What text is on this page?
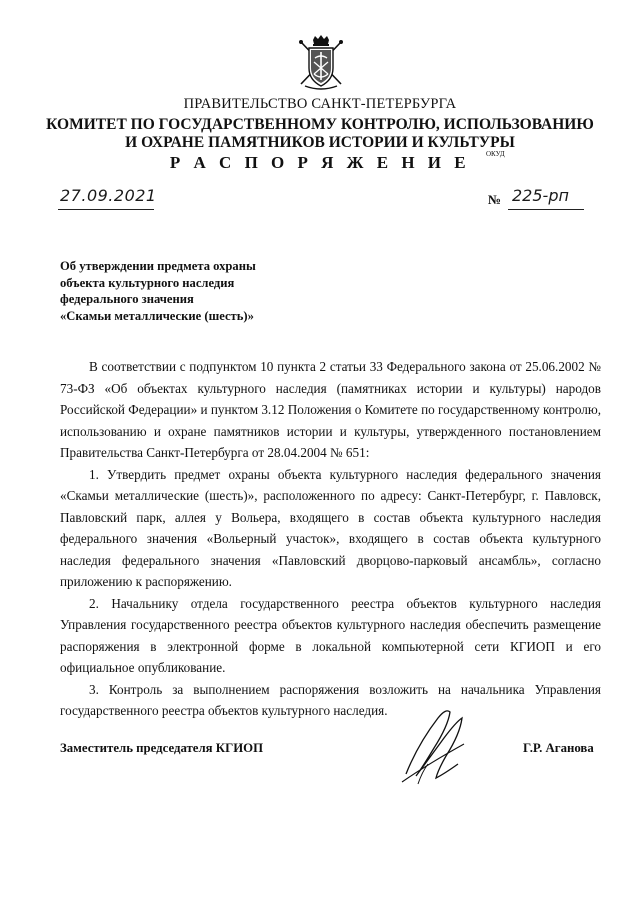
ПРАВИТЕЛЬСТВО САНКТ-ПЕТЕРБУРГА
КОМИТЕТ ПО ГОСУДАРСТВЕННОМУ КОНТРОЛЮ, ИСПОЛЬЗОВАНИЮ
И ОХРАНЕ ПАМЯТНИКОВ ИСТОРИИ И КУЛЬТУРЫ
ОКУД
Р А С П О Р Я Ж Е Н И Е
27.09.2021	№ 225-рп
Об утверждении предмета охраны
объекта культурного наследия
федерального значения
«Скамьи металлические (шесть)»

В соответствии с подпунктом 10 пункта 2 статьи 33 Федерального закона от 25.06.2002 № 73-ФЗ «Об объектах культурного наследия (памятниках истории и культуры) народов Российской Федерации» и пунктом 3.12 Положения о Комитете по государственному контролю, использованию и охране памятников истории и культуры, утвержденного постановлением Правительства Санкт-Петербурга от 28.04.2004 № 651:

1. Утвердить предмет охраны объекта культурного наследия федерального значения «Скамьи металлические (шесть)», расположенного по адресу: Санкт-Петербург, г. Павловск, Павловский парк, аллея у Вольера, входящего в состав объекта культурного наследия федерального значения «Вольерный участок», входящего в состав объекта культурного наследия федерального значения «Павловский дворцово-парковый ансамбль», согласно приложению к распоряжению.

2. Начальнику отдела государственного реестра объектов культурного наследия Управления государственного реестра объектов культурного наследия обеспечить размещение распоряжения в электронной форме в локальной компьютерной сети КГИОП и его официальное опубликование.

3. Контроль за выполнением распоряжения возложить на начальника Управления государственного реестра объектов культурного наследия.

Заместитель председателя КГИОП	Г.Р. Аганова
